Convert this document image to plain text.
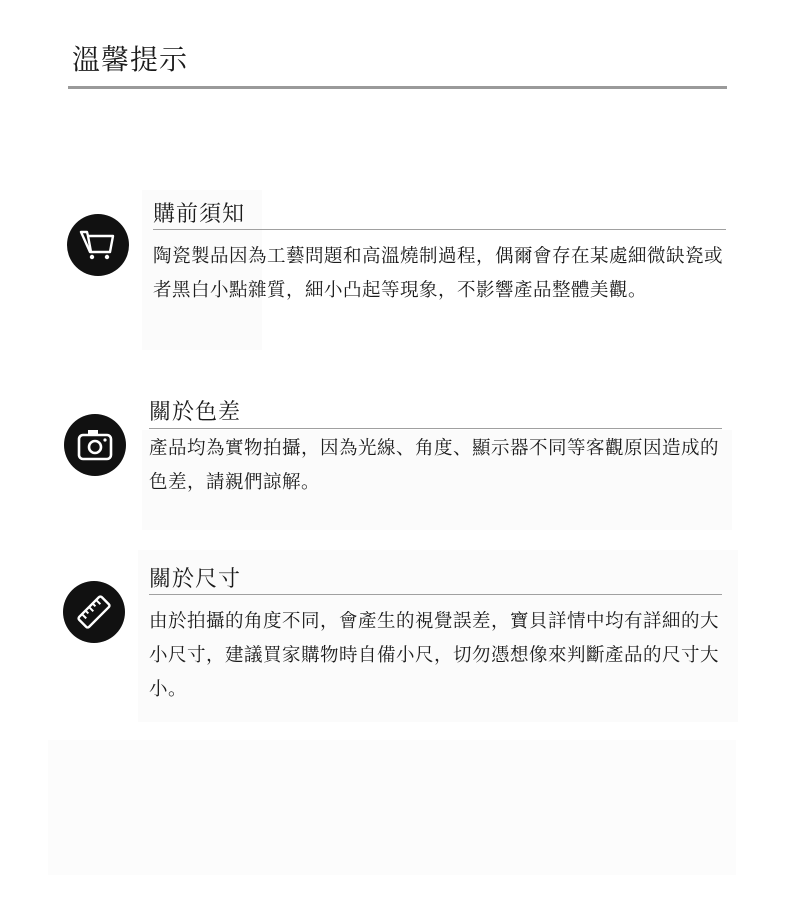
溫馨提示
購前須知
陶瓷製品因為工藝問題和高溫燒制過程，偶爾會存在某處細微缺瓷或者黑白小點雜質，細小凸起等現象，不影響產品整體美觀。
關於色差
產品均為實物拍攝，因為光線、角度、顯示器不同等客觀原因造成的色差，請親們諒解。
關於尺寸
由於拍攝的角度不同，會產生的視覺誤差，寶貝詳情中均有詳細的大小尺寸，建議買家購物時自備小尺，切勿憑想像來判斷產品的尺寸大小。
